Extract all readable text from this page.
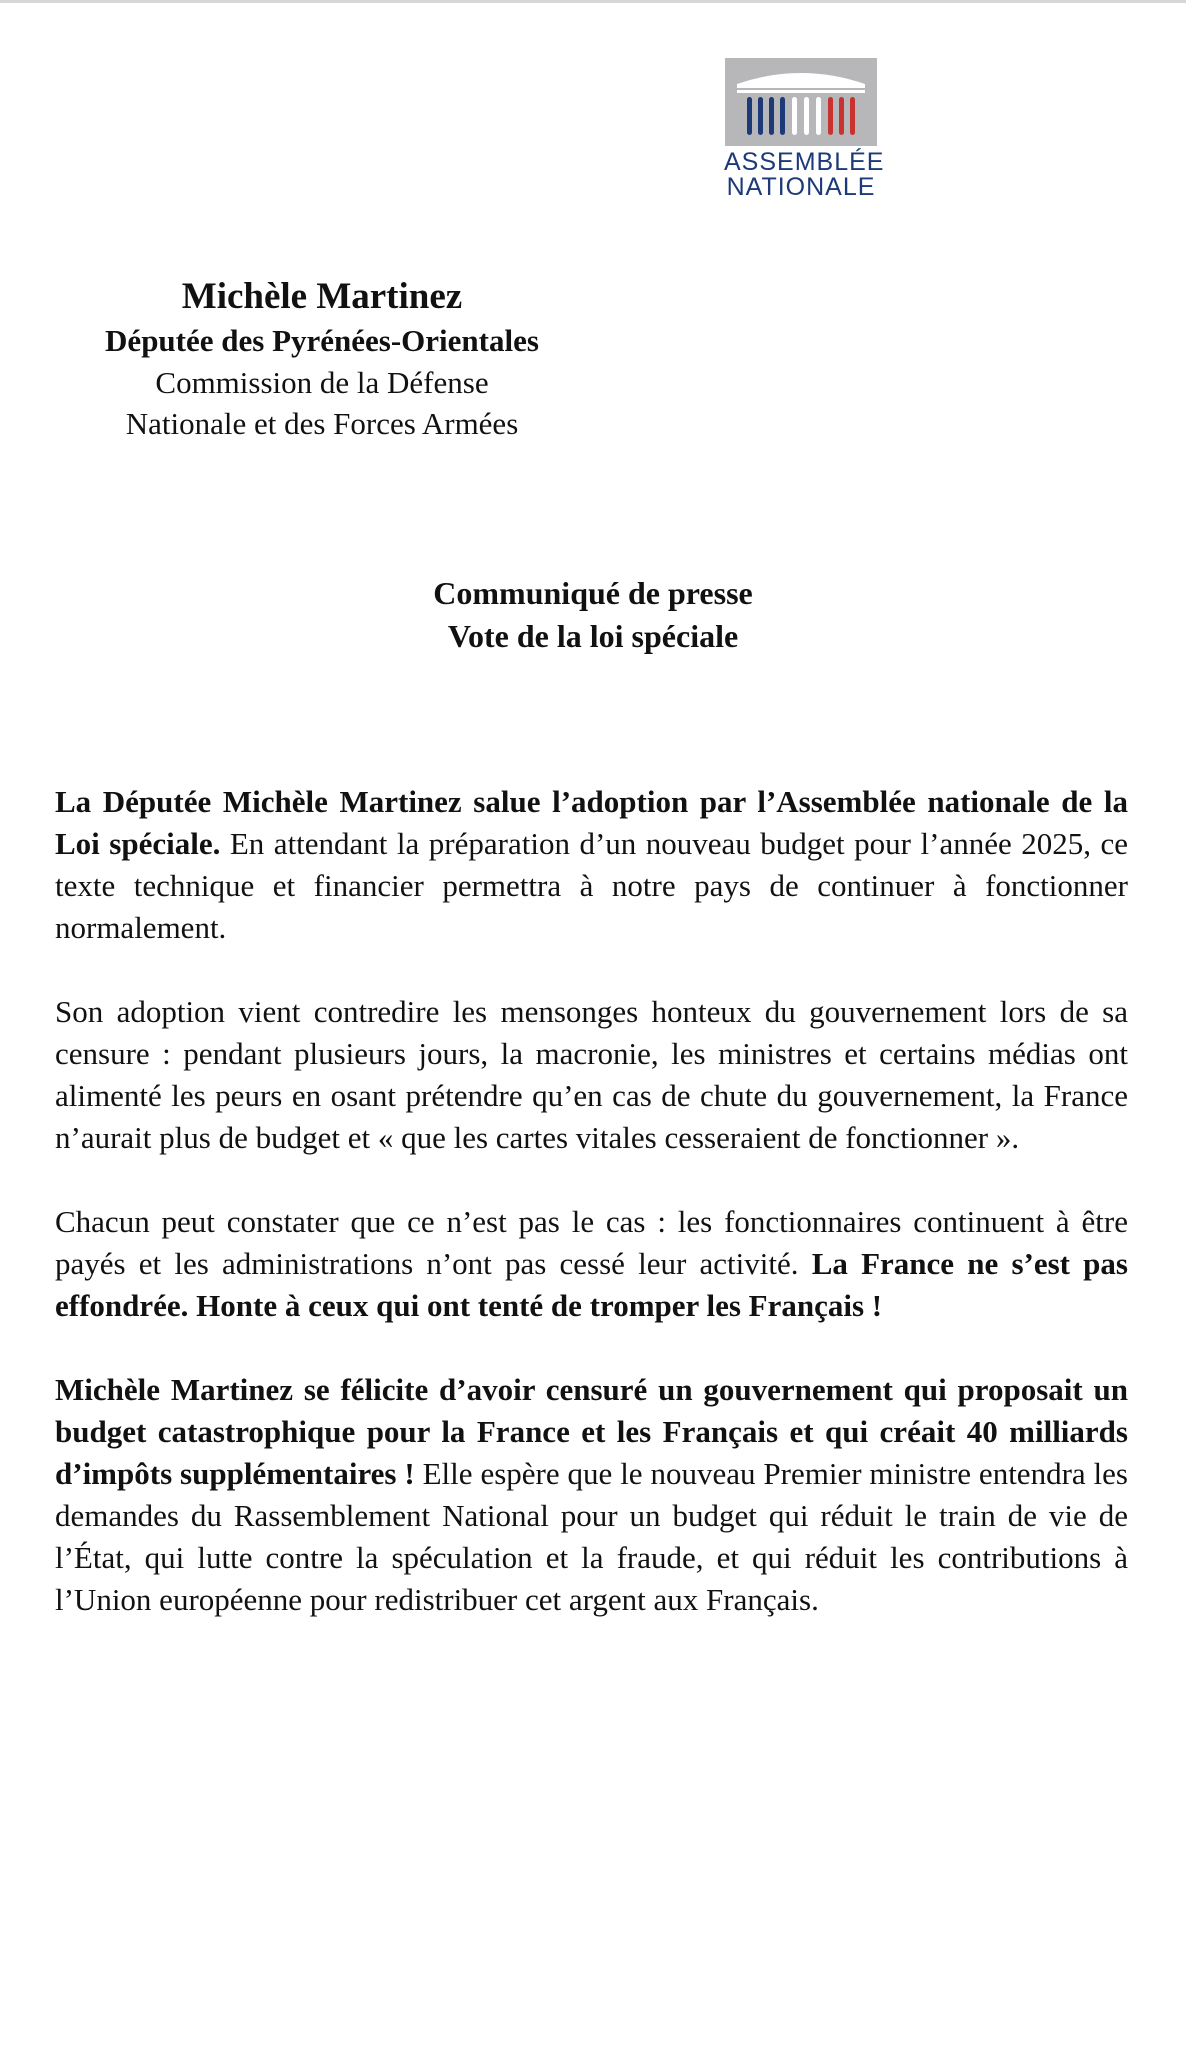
ASSEMBLÉE
NATIONALE
Michèle Martinez
Députée des Pyrénées-Orientales
Commission de la Défense
Nationale et des Forces Armées
Communiqué de presse
Vote de la loi spéciale

La Députée Michèle Martinez salue l’adoption par l’Assemblée nationale de la Loi spéciale. En attendant la préparation d’un nouveau budget pour l’année 2025, ce texte technique et financier permettra à notre pays de continuer à fonctionner normalement.

Son adoption vient contredire les mensonges honteux du gouvernement lors de sa censure : pendant plusieurs jours, la macronie, les ministres et certains médias ont alimenté les peurs en osant prétendre qu’en cas de chute du gouvernement, la France n’aurait plus de budget et « que les cartes vitales cesseraient de fonctionner ».

Chacun peut constater que ce n’est pas le cas : les fonctionnaires continuent à être payés et les administrations n’ont pas cessé leur activité. La France ne s’est pas effondrée. Honte à ceux qui ont tenté de tromper les Français !

Michèle Martinez se félicite d’avoir censuré un gouvernement qui proposait un budget catastrophique pour la France et les Français et qui créait 40 milliards d’impôts supplémentaires ! Elle espère que le nouveau Premier ministre entendra les demandes du Rassemblement National pour un budget qui réduit le train de vie de l’État, qui lutte contre la spéculation et la fraude, et qui réduit les contributions à l’Union européenne pour redistribuer cet argent aux Français.
